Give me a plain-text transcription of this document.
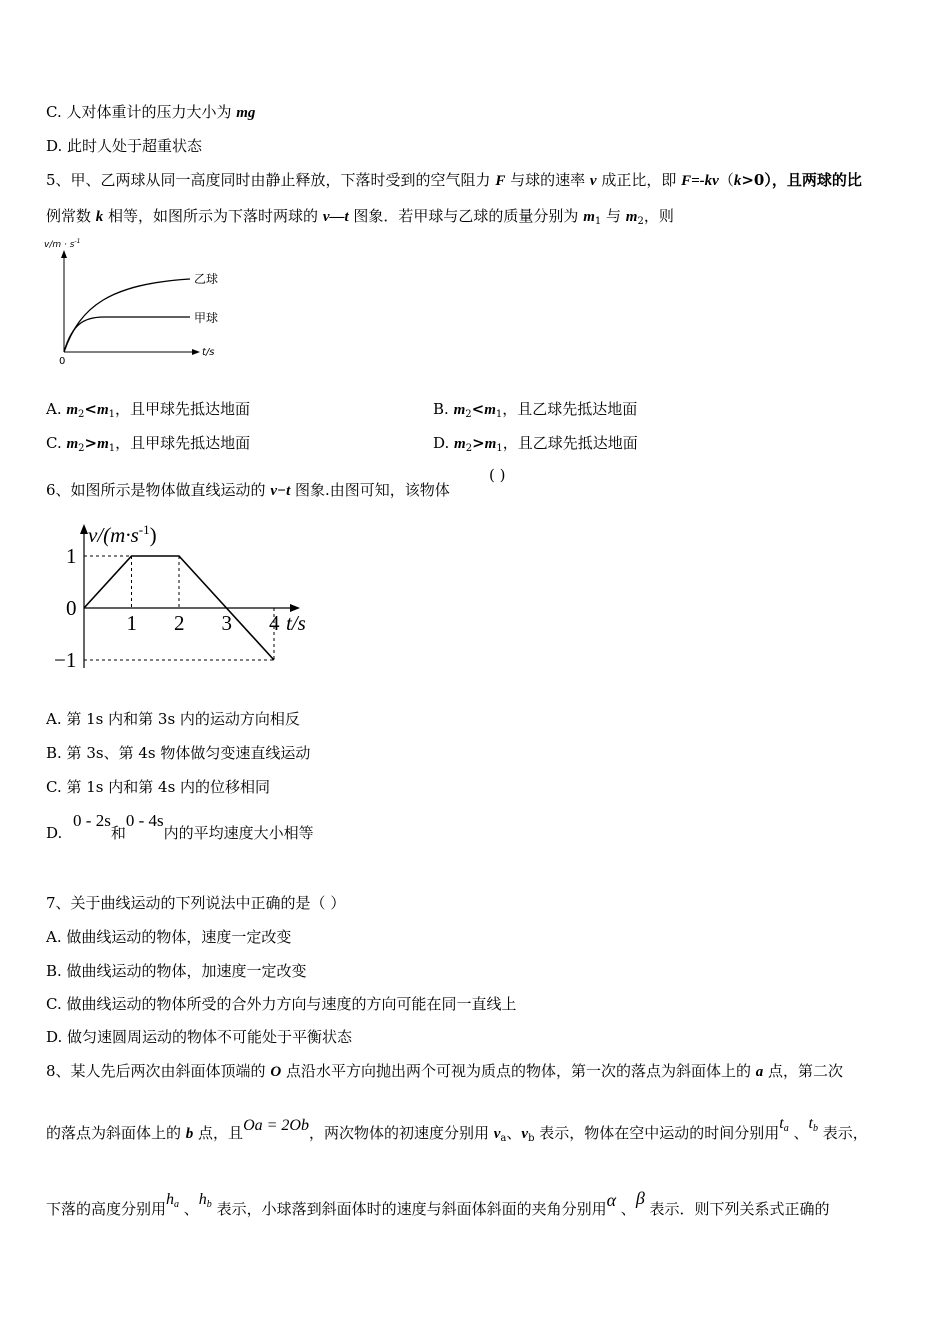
C. 人对体重计的压力大小为 mg
D. 此时人处于超重状态
5、甲、乙两球从同一高度同时由静止释放，下落时受到的空气阻力 F 与球的速率 v 成正比，即 F=-kv（k>0），且两球的比
例常数 k 相等，如图所示为下落时两球的 v—t 图象．若甲球与乙球的质量分别为 $m_1$ 与 $m_2$，则
$v/m \cdot s^{-1}$
t/s
0
乙球
甲球
A. $m_2<m_1$，且甲球先抵达地面	B. $m_2<m_1$，且乙球先抵达地面
C. $m_2>m_1$，且甲球先抵达地面	D. $m_2>m_1$，且乙球先抵达地面
6、如图所示是物体做直线运动的 v−t 图象.由图可知，该物体
( )
1 2 3 4
1
0
−1
$v/(m\cdot s^{-1})$
t/s
A. 第 1s 内和第 3s 内的运动方向相反
B. 第 3s、第 4s 物体做匀变速直线运动
C. 第 1s 内和第 4s 内的位移相同
D. 0 - 2s和0 - 4s内的平均速度大小相等
7、关于曲线运动的下列说法中正确的是（ ）
A. 做曲线运动的物体，速度一定改变
B. 做曲线运动的物体，加速度一定改变
C. 做曲线运动的物体所受的合外力方向与速度的方向可能在同一直线上
D. 做匀速圆周运动的物体不可能处于平衡状态
8、某人先后两次由斜面体顶端的 O 点沿水平方向抛出两个可视为质点的物体，第一次的落点为斜面体上的 a 点，第二次
的落点为斜面体上的 b 点，且Oa = 2Ob，两次物体的初速度分别用 $v_a$、$v_b$ 表示，物体在空中运动的时间分别用$t_a$ 、$t_b$ 表示，
下落的高度分别用$h_a$ 、$h_b$ 表示，小球落到斜面体时的速度与斜面体斜面的夹角分别用α 、β 表示．则下列关系式正确的
